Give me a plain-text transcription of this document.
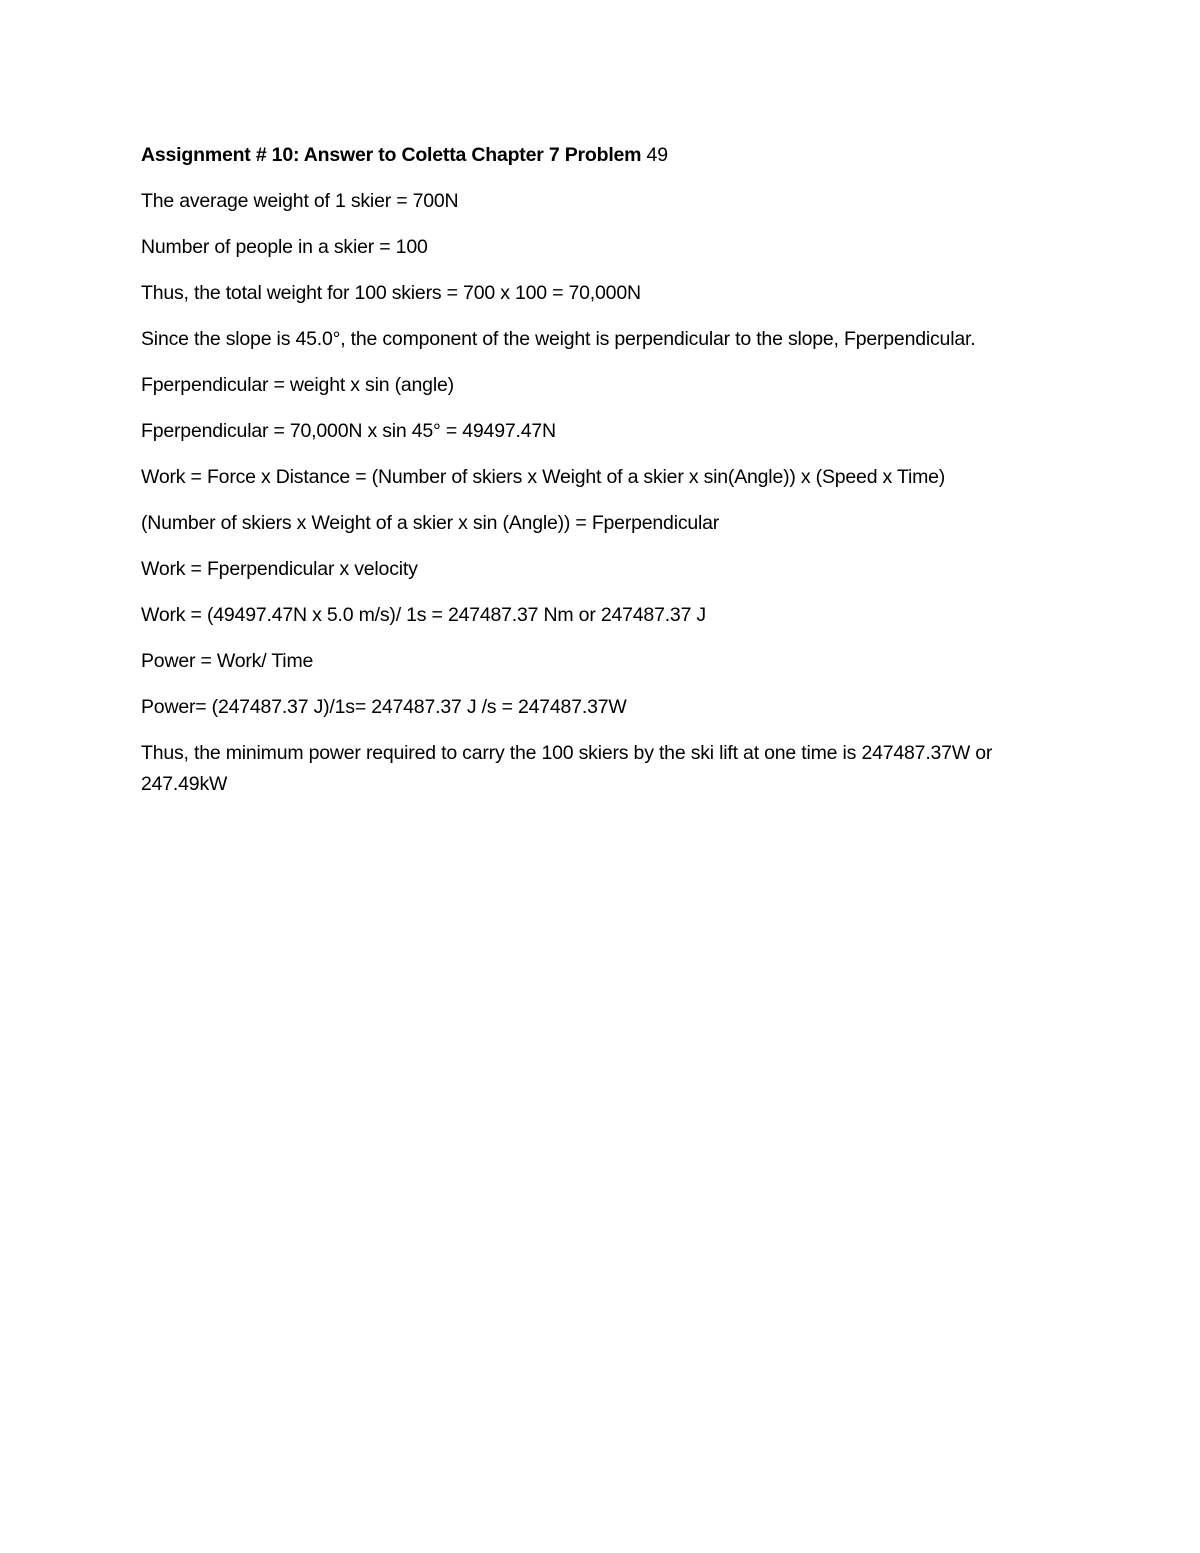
Assignment # 10: Answer to Coletta Chapter 7 Problem 49

The average weight of 1 skier = 700N

Number of people in a skier = 100

Thus, the total weight for 100 skiers = 700 x 100 = 70,000N

Since the slope is 45.0°, the component of the weight is perpendicular to the slope, Fperpendicular.

Fperpendicular = weight x sin (angle)

Fperpendicular = 70,000N x sin 45° = 49497.47N

Work = Force x Distance = (Number of skiers x Weight of a skier x sin(Angle)) x (Speed x Time)

(Number of skiers x Weight of a skier x sin (Angle)) = Fperpendicular

Work = Fperpendicular x velocity

Work = (49497.47N x 5.0 m/s)/ 1s = 247487.37 Nm or 247487.37 J

Power = Work/ Time

Power= (247487.37 J)/1s= 247487.37 J /s = 247487.37W

Thus, the minimum power required to carry the 100 skiers by the ski lift at one time is 247487.37W or 247.49kW
